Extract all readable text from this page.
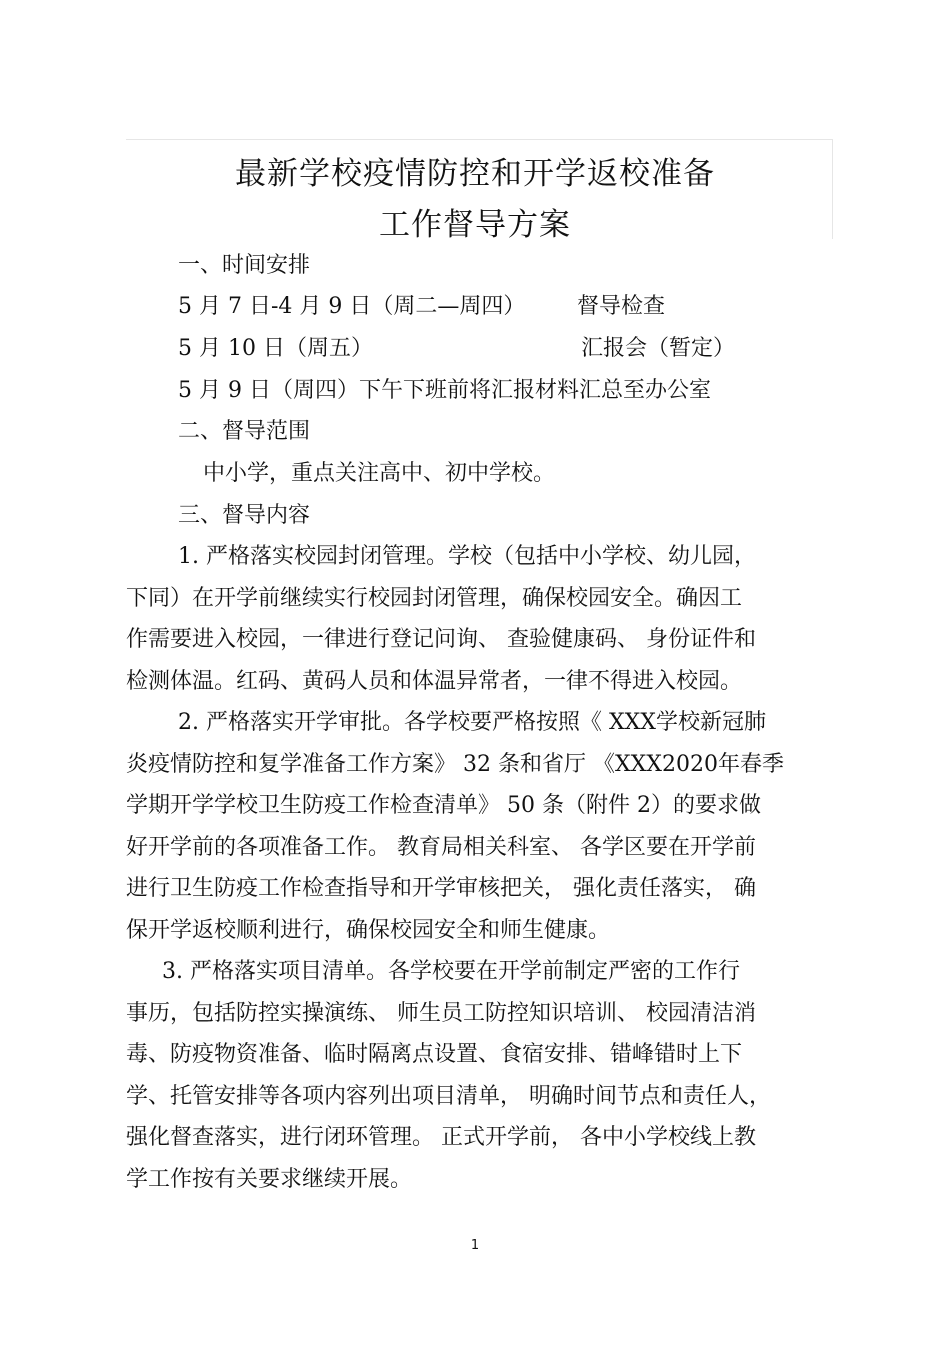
最新学校疫情防控和开学返校准备
工作督导方案
一、时间安排
5 月 7 日-4 月 9 日（周二—周四） 督导检查
5 月 10 日（周五）	汇报会（暂定）
5 月 9 日（周四）下午下班前将汇报材料汇总至办公室
二、督导范围
中小学，重点关注高中、初中学校。
三、督导内容
1. 严格落实校园封闭管理。学校（包括中小学校、幼儿园，
下同）在开学前继续实行校园封闭管理，确保校园安全。确因工
作需要进入校园，一律进行登记问询、 查验健康码、 身份证件和
检测体温。红码、黄码人员和体温异常者，一律不得进入校园。
2. 严格落实开学审批。各学校要严格按照《 XXX学校新冠肺
炎疫情防控和复学准备工作方案》 32 条和省厅 《XXX2020年春季
学期开学学校卫生防疫工作检查清单》 50 条（附件 2）的要求做
好开学前的各项准备工作。 教育局相关科室、 各学区要在开学前
进行卫生防疫工作检查指导和开学审核把关， 强化责任落实， 确
保开学返校顺利进行，确保校园安全和师生健康。
3. 严格落实项目清单。各学校要在开学前制定严密的工作行
事历，包括防控实操演练、 师生员工防控知识培训、 校园清洁消
毒、防疫物资准备、临时隔离点设置、食宿安排、错峰错时上下
学、托管安排等各项内容列出项目清单， 明确时间节点和责任人，
强化督查落实，进行闭环管理。 正式开学前， 各中小学校线上教
学工作按有关要求继续开展。
1
